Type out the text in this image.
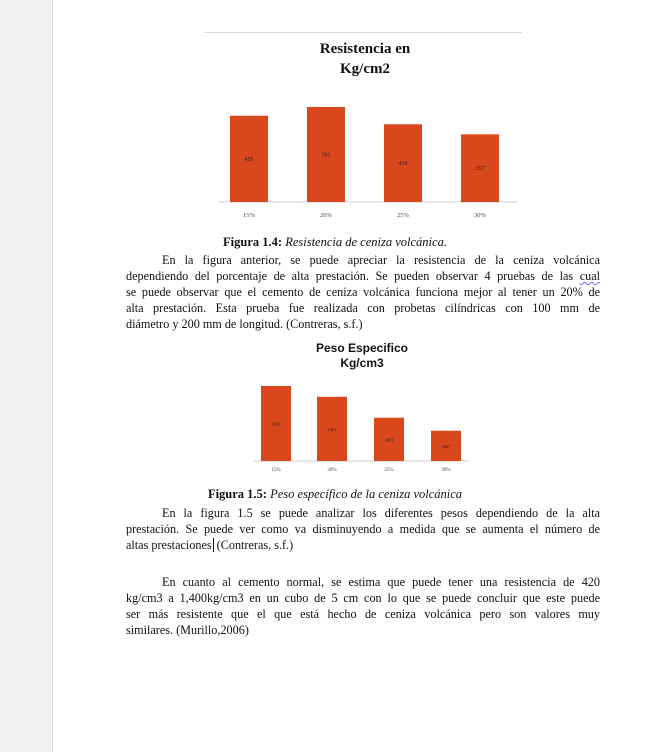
Resistencia en
Kg/cm2
455
15%
501
20%
410
25%
357
30%
Figura 1.4: Resistencia de ceniza volcánica.
En la figura anterior, se puede apreciar la resistencia de la ceniza volcánica
dependiendo del porcentaje de alta prestación. Se pueden observar 4 pruebas de las cual
se puede observar que el cemento de ceniza volcánica funciona mejor al tener un 20% de
alta prestación. Esta prueba fue realizada con probetas cilíndricas con 100 mm de
diámetro y 200 mm de longitud. (Contreras, s.f.)
Peso Especifico
Kg/cm3
2491
15%
2461
20%
2403
25%
2367
30%
Figura 1.5: Peso específico de la ceniza volcánica
En la figura 1.5 se puede analizar los diferentes pesos dependiendo de la alta
prestación. Se puede ver como va disminuyendo a medida que se aumenta el número de
altas prestaciones (Contreras, s.f.)
En cuanto al cemento normal, se estima que puede tener una resistencia de 420
kg/cm3 a 1,400kg/cm3 en un cubo de 5 cm con lo que se puede concluir que este puede
ser más resistente que el que está hecho de ceniza volcánica pero son valores muy
similares. (Murillo,2006)
